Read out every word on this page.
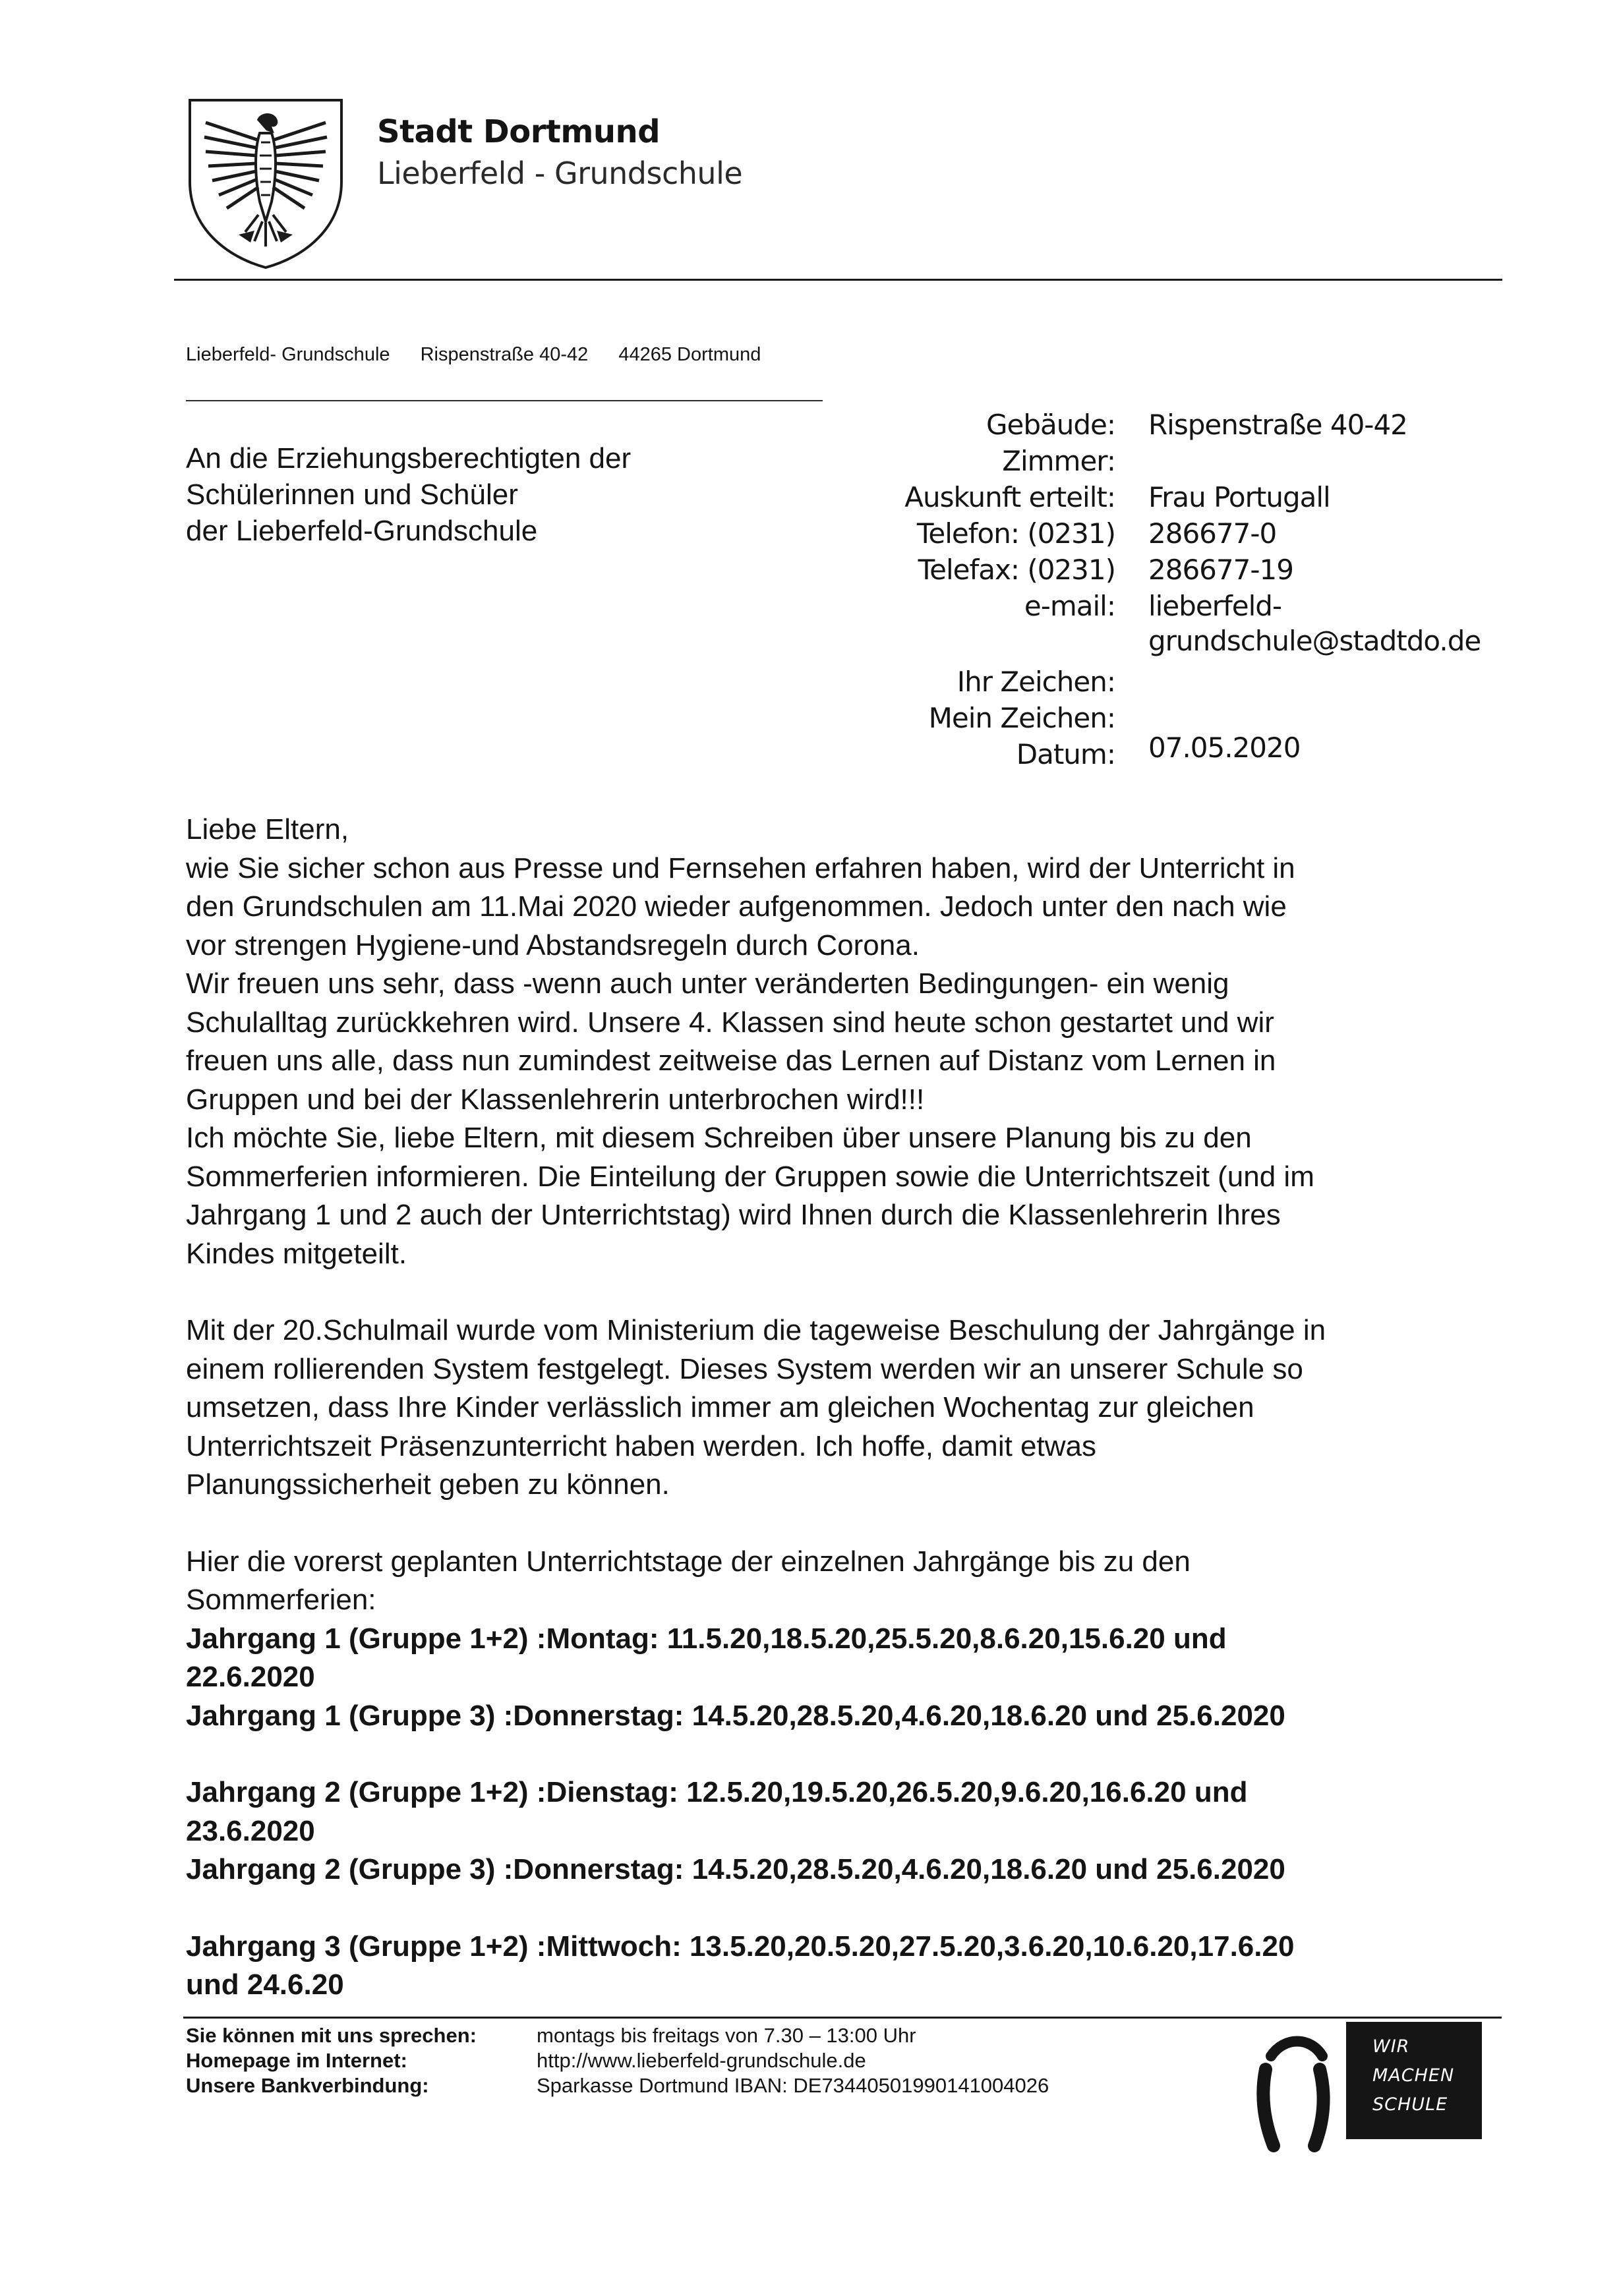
Stadt Dortmund
Lieberfeld - Grundschule
Lieberfeld- Grundschule Rispenstraße 40-42 44265 Dortmund
An die Erziehungsberechtigten der
Schülerinnen und Schüler
der Lieberfeld-Grundschule
Gebäude: Rispenstraße 40-42
Zimmer:
Auskunft erteilt: Frau Portugall
Telefon: (0231) 286677-0
Telefax: (0231) 286677-19
e-mail: lieberfeld-
grundschule@stadtdo.de
Ihr Zeichen:
Mein Zeichen:
Datum: 07.05.2020

Liebe Eltern,

wie Sie sicher schon aus Presse und Fernsehen erfahren haben, wird der Unterricht in

den Grundschulen am 11.Mai 2020 wieder aufgenommen. Jedoch unter den nach wie

vor strengen Hygiene-und Abstandsregeln durch Corona.

Wir freuen uns sehr, dass -wenn auch unter veränderten Bedingungen- ein wenig

Schulalltag zurückkehren wird. Unsere 4. Klassen sind heute schon gestartet und wir

freuen uns alle, dass nun zumindest zeitweise das Lernen auf Distanz vom Lernen in

Gruppen und bei der Klassenlehrerin unterbrochen wird!!!

Ich möchte Sie, liebe Eltern, mit diesem Schreiben über unsere Planung bis zu den

Sommerferien informieren. Die Einteilung der Gruppen sowie die Unterrichtszeit (und im

Jahrgang 1 und 2 auch der Unterrichtstag) wird Ihnen durch die Klassenlehrerin Ihres

Kindes mitgeteilt.

Mit der 20.Schulmail wurde vom Ministerium die tageweise Beschulung der Jahrgänge in

einem rollierenden System festgelegt. Dieses System werden wir an unserer Schule so

umsetzen, dass Ihre Kinder verlässlich immer am gleichen Wochentag zur gleichen

Unterrichtszeit Präsenzunterricht haben werden. Ich hoffe, damit etwas

Planungssicherheit geben zu können.

Hier die vorerst geplanten Unterrichtstage der einzelnen Jahrgänge bis zu den

Sommerferien:

Jahrgang 1 (Gruppe 1+2) :Montag: 11.5.20,18.5.20,25.5.20,8.6.20,15.6.20 und

22.6.2020

Jahrgang 1 (Gruppe 3) :Donnerstag: 14.5.20,28.5.20,4.6.20,18.6.20 und 25.6.2020

Jahrgang 2 (Gruppe 1+2) :Dienstag: 12.5.20,19.5.20,26.5.20,9.6.20,16.6.20 und

23.6.2020

Jahrgang 2 (Gruppe 3) :Donnerstag: 14.5.20,28.5.20,4.6.20,18.6.20 und 25.6.2020

Jahrgang 3 (Gruppe 1+2) :Mittwoch: 13.5.20,20.5.20,27.5.20,3.6.20,10.6.20,17.6.20

und 24.6.20

Sie können mit uns sprechen:	montags bis freitags von 7.30 – 13:00 Uhr
Homepage im Internet:	http://www.lieberfeld-grundschule.de
Unsere Bankverbindung:	Sparkasse Dortmund IBAN: DE73440501990141004026
WIR
MACHEN
SCHULE
